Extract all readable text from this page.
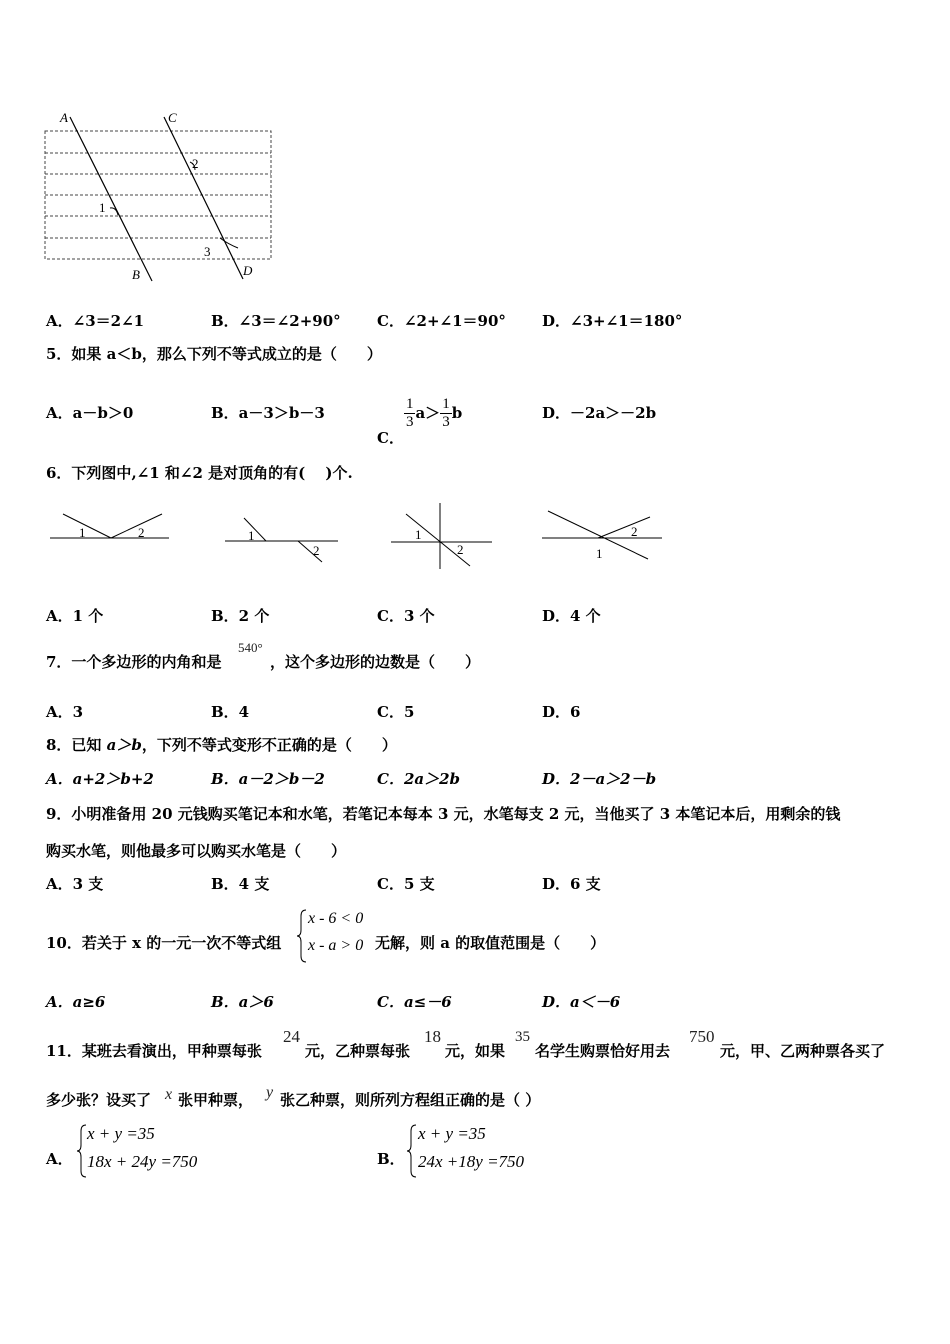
A	C
B	D
1
2
3
A．∠3＝2∠1	B．∠3＝∠2+90° C．∠2+∠1＝90° D．∠3+∠1＝180°
5．如果 a＜b，那么下列不等式成立的是（　　）
A．a－b＞0	B．a－3＞b－3
C．
$\frac{1}{3} a> \frac{1}{3}$ b	D．－2a＞－2b
6．下列图中,∠1 和∠2 是对顶角的有(　 )个.
1	2	1
2
1
2	1
2
A．1 个	B．2 个	C．3 个	D．4 个
7．一个多边形的内角和是
540°
，这个多边形的边数是（　　）
A．3	B．4	C．5	D．6
8．已知 a＞b，下列不等式变形不正确的是（　　）
A．a+2＞b+2	B．a－2＞b－2	C．2a＞2b	D．2－a＞2－b
9．小明准备用 20 元钱购买笔记本和水笔，若笔记本每本 3 元，水笔每支 2 元，当他买了 3 本笔记本后，用剩余的钱
购买水笔，则他最多可以购买水笔是（　　）
A．3 支	B．4 支	C．5 支	D．6 支
10．若关于 x 的一元一次不等式组
x - 6 < 0
x - a > 0 无解，则 a 的取值范围是（　　）
A．a≥6	B．a＞6	C．a≤－6	D．a＜－6
11．某班去看演出，甲种票每张
24
元，乙种票每张
18
元，如果
35
名学生购票恰好用去
750
元，甲、乙两种票各买了
多少张？设买了 x 张甲种票， y 张乙种票，则所列方程组正确的是（ ）
A．
x + y =35
18x + 24y =750	B．
x + y =35
24x +18y =750
